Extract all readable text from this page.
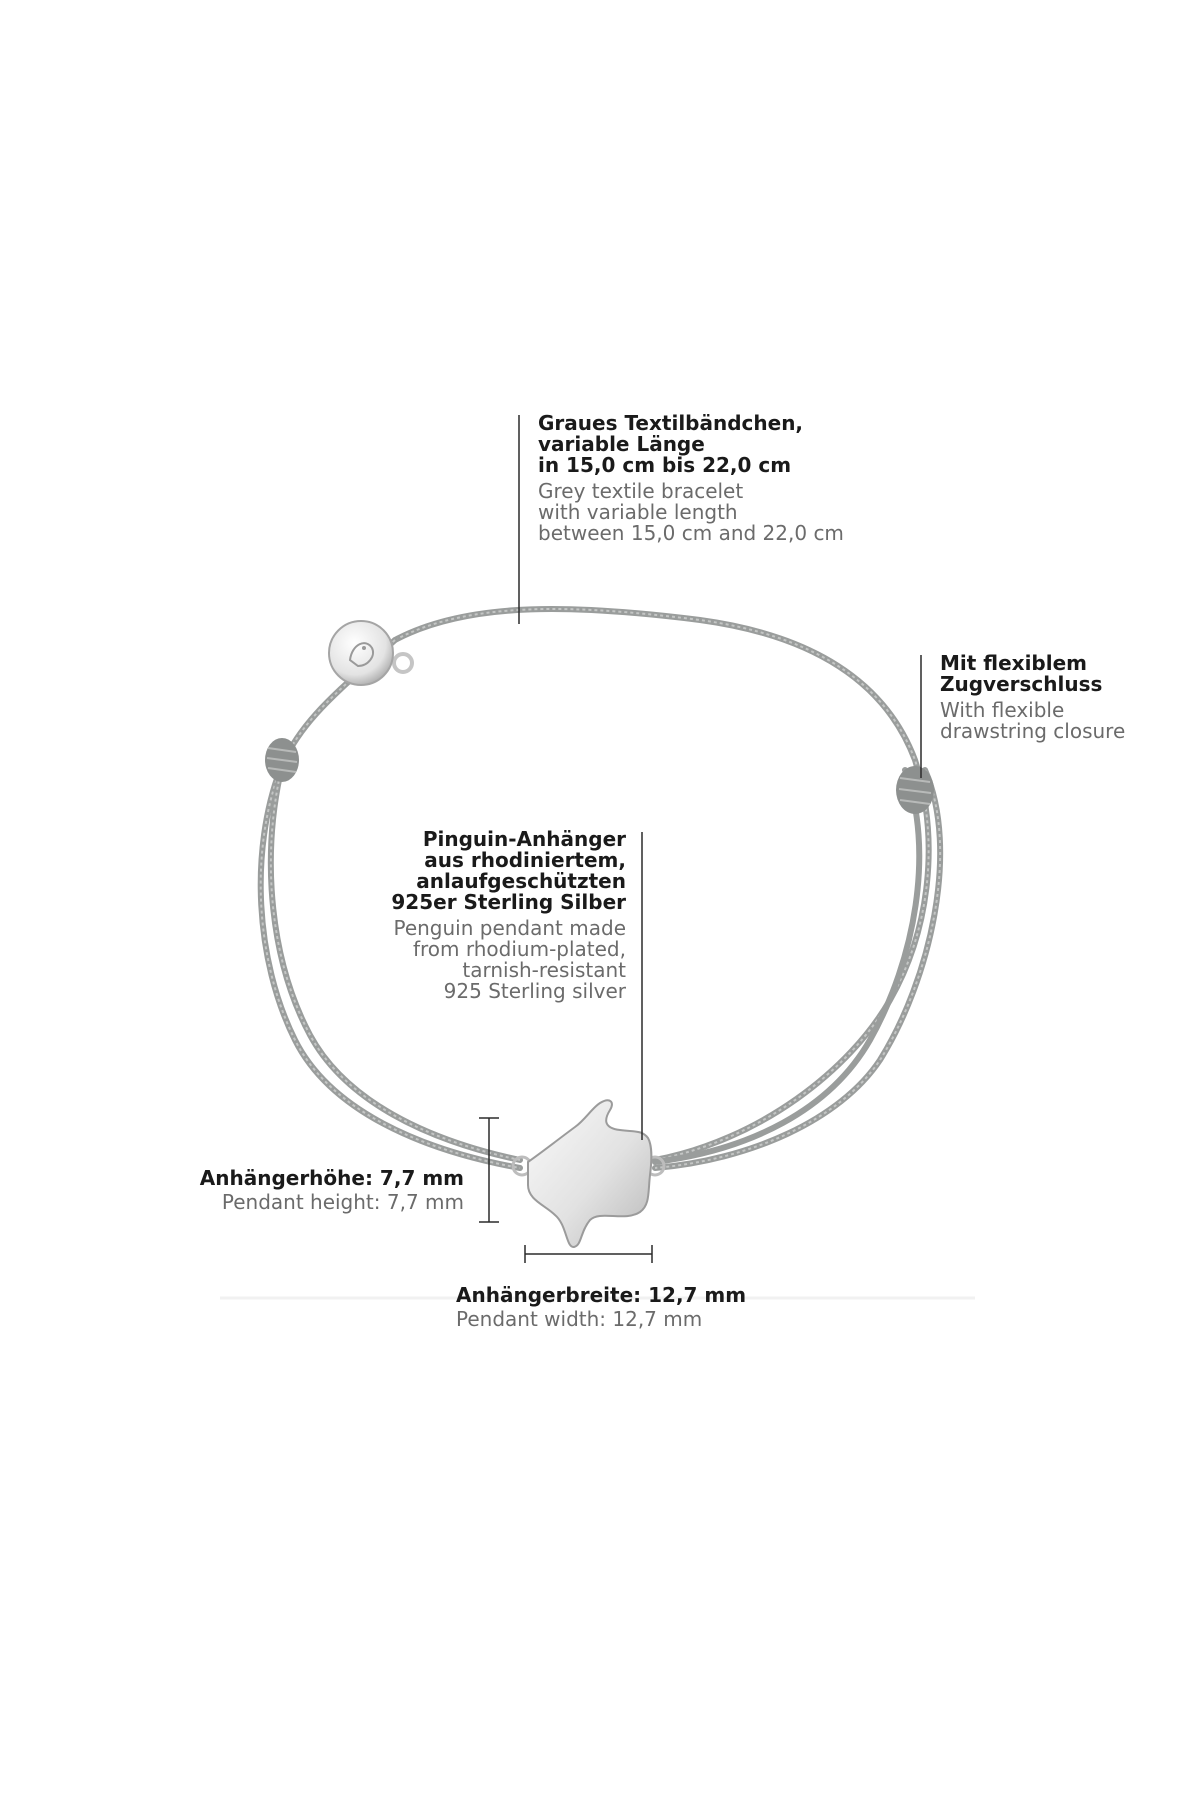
Graues Textilbändchen,
variable Länge
in 15,0 cm bis 22,0 cm
Grey textile bracelet
with variable length
between 15,0 cm and 22,0 cm
Mit flexiblem
Zugverschluss
With flexible
drawstring closure
Pinguin-Anhänger
aus rhodiniertem,
anlaufgeschützten
925er Sterling Silber
Penguin pendant made
from rhodium-plated,
tarnish-resistant
925 Sterling silver
Anhängerhöhe: 7,7 mm
Pendant height: 7,7 mm
Anhängerbreite: 12,7 mm
Pendant width: 12,7 mm
